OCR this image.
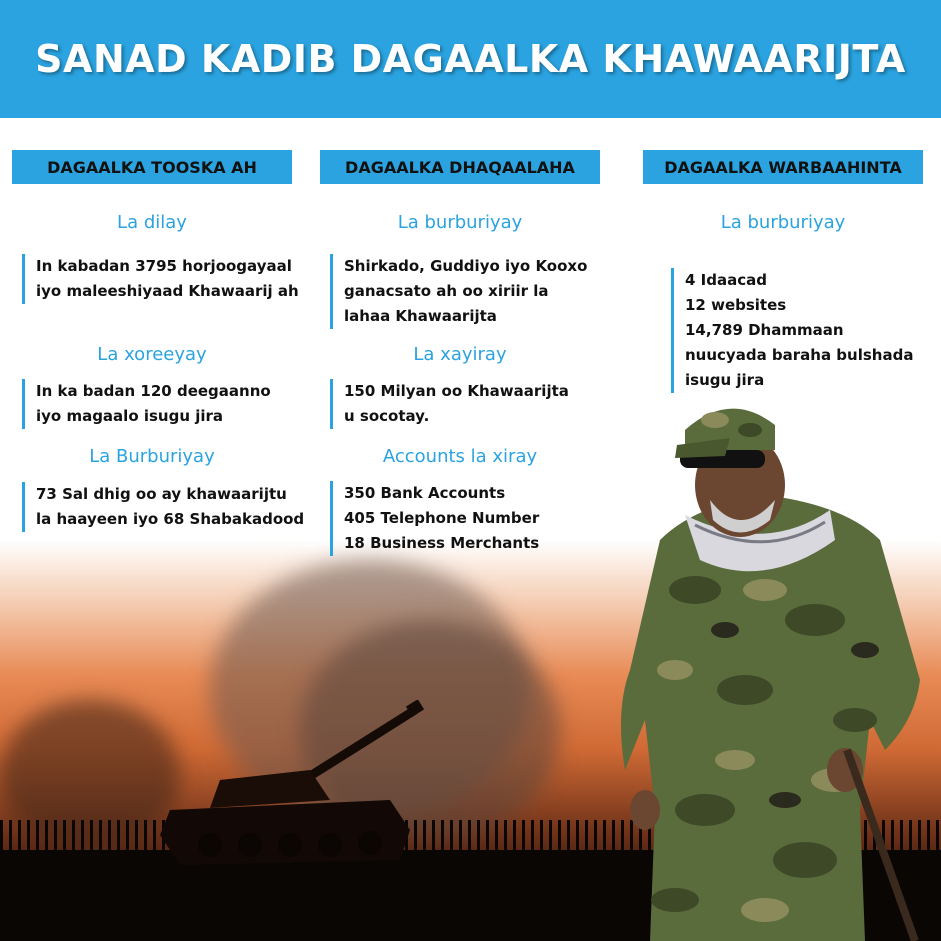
SANAD KADIB DAGAALKA KHAWAARIJTA
DAGAALKA TOOSKA AH
La dilay
In kabadan 3795 horjoogayaal
iyo maleeshiyaad Khawaarij ah
La xoreeyay
In ka badan 120 deegaanno
iyo magaalo isugu jira
La Burburiyay
73 Sal dhig oo ay khawaarijtu
la haayeen iyo 68 Shabakadood
DAGAALKA DHAQAALAHA
La burburiyay
Shirkado, Guddiyo iyo Kooxo
ganacsato ah oo xiriir la
lahaa Khawaarijta
La xayiray
150 Milyan oo Khawaarijta
u socotay.
Accounts la xiray
350 Bank Accounts
405 Telephone Number
18 Business Merchants
DAGAALKA WARBAAHINTA
La burburiyay
4 Idaacad
12 websites
14,789 Dhammaan
nuucyada baraha bulshada
isugu jira
